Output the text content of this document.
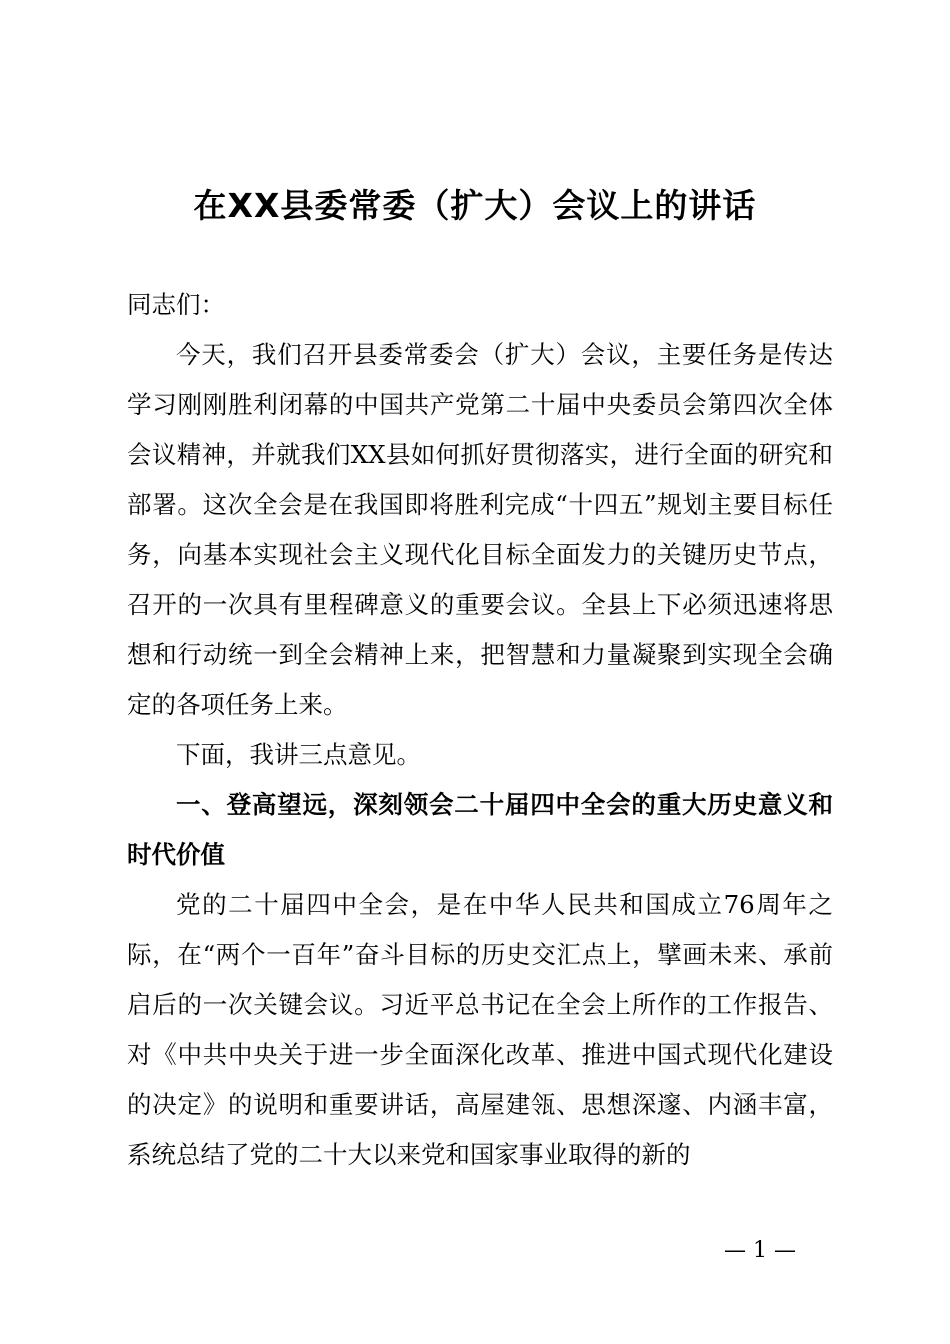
在XX县委常委（扩大）会议上的讲话

同志们：

今天，我们召开县委常委会（扩大）会议，主要任务是传达学习刚刚胜利闭幕的中国共产党第二十届中央委员会第四次全体会议精神，并就我们XX县如何抓好贯彻落实，进行全面的研究和部署。这次全会是在我国即将胜利完成“十四五”规划主要目标任务，向基本实现社会主义现代化目标全面发力的关键历史节点，召开的一次具有里程碑意义的重要会议。全县上下必须迅速将思想和行动统一到全会精神上来，把智慧和力量凝聚到实现全会确定的各项任务上来。

下面，我讲三点意见。

一、登高望远，深刻领会二十届四中全会的重大历史意义和时代价值

党的二十届四中全会，是在中华人民共和国成立76周年之际，在“两个一百年”奋斗目标的历史交汇点上，擘画未来、承前启后的一次关键会议。习近平总书记在全会上所作的工作报告、对《中共中央关于进一步全面深化改革、推进中国式现代化建设的决定》的说明和重要讲话，高屋建瓴、思想深邃、内涵丰富，系统总结了党的二十大以来党和国家事业取得的新的

— 1 —
